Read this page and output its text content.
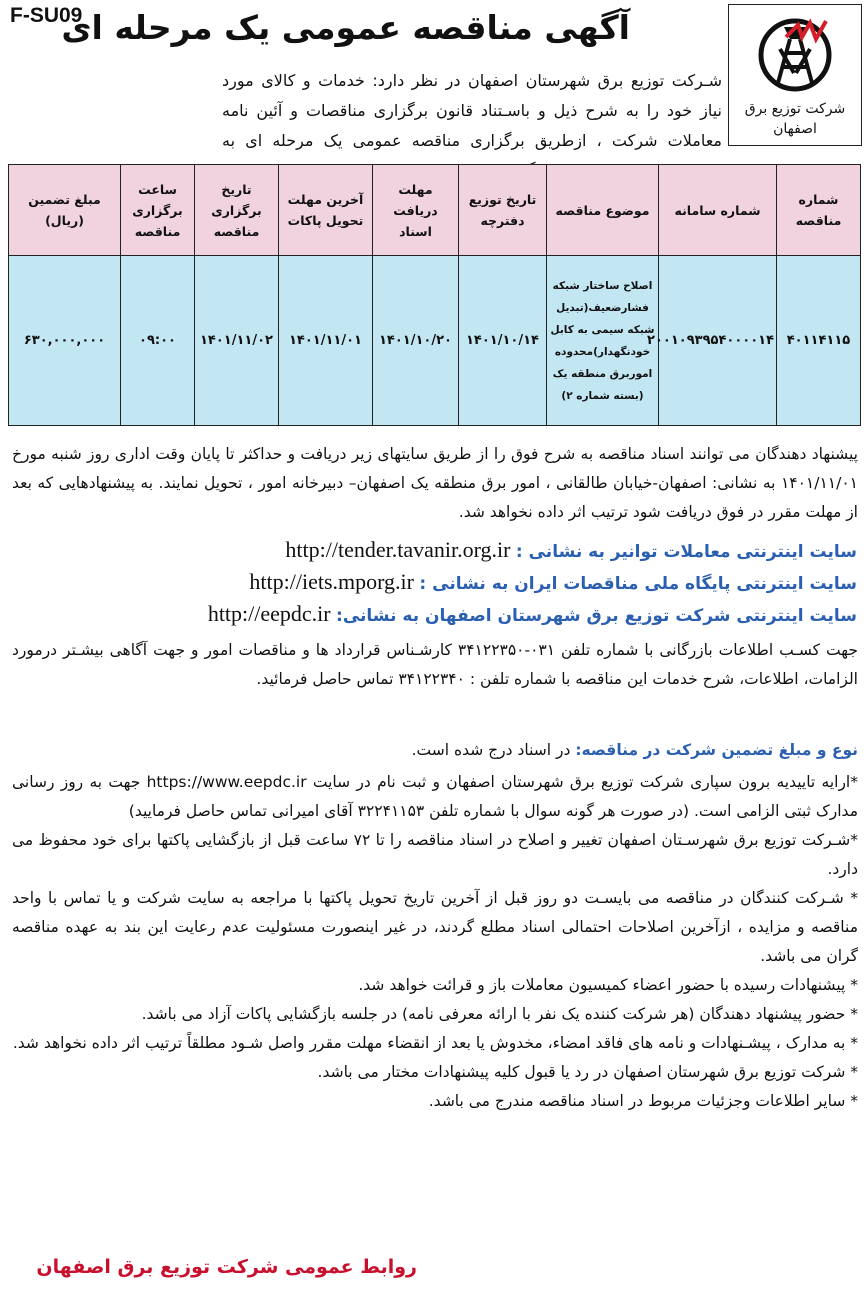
F-SU09
آگهی مناقصه عمومی یک مرحله ای
شرکت توزیع برق
اصفهان
شـرکت توزیع برق شهرستان اصفهان در نظر دارد: خدمات و کالای مورد نیاز خود را به شرح ذیل و باسـتناد قانون برگزاری مناقصات و آئین نامه معاملات شرکت ، ازطریق برگزاری مناقصه عمومی یک مرحله ای به
شماره مناقصه	شماره سامانه	موضوع مناقصه	تاریخ توزیع دفترچه	مهلت دریافت اسناد	آخرین مهلت تحویل پاکات	تاریخ برگزاری مناقصه	ساعت برگزاری مناقصه	مبلغ تضمین (ریال)
۴۰۱۱۴۱۱۵	۲۰۰۱۰۹۳۹۵۴۰۰۰۰۱۴	اصلاح ساختار شبکه فشارضعیف(تبدیل شبکه سیمی به کابل خودنگهدار)محدوده اموربرق منطقه یک (بسته شماره ۲)	۱۴۰۱/۱۰/۱۴	۱۴۰۱/۱۰/۲۰	۱۴۰۱/۱۱/۰۱	۱۴۰۱/۱۱/۰۲	۰۹:۰۰	۶۳۰,۰۰۰,۰۰۰
پیشنهاد دهندگان می توانند اسناد مناقصه به شرح فوق را از طریق سایتهای زیر دریافت و حداکثر تا پایان وقت اداری روز شنبه مورخ ۱۴۰۱/۱۱/۰۱ به نشانی: اصفهان-خیابان طالقانی ، امور برق منطقه یک اصفهان– دبیرخانه امور ، تحویل نمایند. به پیشنهادهایی که بعد از مهلت مقرر در فوق دریافت شود ترتیب اثر داده نخواهد شد.
سایت اینترنتی معاملات توانیر به نشانی : http://tender.tavanir.org.ir
سایت اینترنتی پایگاه ملی مناقصات ایران به نشانی : http://iets.mporg.ir
سایت اینترنتی شرکت توزیع برق شهرستان اصفهان به نشانی: http://eepdc.ir
جهت کسـب اطلاعات بازرگانی با شماره تلفن ۰۳۱-۳۴۱۲۲۳۵۰ کارشـناس قرارداد ها و مناقصات امور و جهت آگاهی بیشـتر درمورد الزامات، اطلاعات، شرح خدمات این مناقصه با شماره تلفن : ۳۴۱۲۲۳۴۰ تماس حاصل فرمائید.
نوع و مبلغ تضمین شرکت در مناقصه: در اسناد درج شده است.
*ارایه تاییدیه برون سپاری شرکت توزیع برق شهرستان اصفهان و ثبت نام در سایت https://www.eepdc.ir جهت به روز رسانی مدارک ثبتی الزامی است. (در صورت هر گونه سوال با شماره تلفن ۳۲۲۴۱۱۵۳ آقای امیرانی تماس حاصل فرمایید)
*شـرکت توزیع برق شهرسـتان اصفهان تغییر و اصلاح در اسناد مناقصه را تا ۷۲ ساعت قبل از بازگشایی پاکتها برای خود محفوظ می دارد.
* شـرکت کنندگان در مناقصه می بایسـت دو روز قبل از آخرین تاریخ تحویل پاکتها با مراجعه به سایت شرکت و یا تماس با واحد مناقصه و مزایده ، ازآخرین اصلاحات احتمالی اسناد مطلع گردند، در غیر اینصورت مسئولیت عدم رعایت این بند به عهده مناقصه گران می باشد.
* پیشنهادات رسیده با حضور اعضاء کمیسیون معاملات باز و قرائت خواهد شد.
* حضور پیشنهاد دهندگان (هر شرکت کننده یک نفر با ارائه معرفی نامه) در جلسه بازگشایی پاکات آزاد می باشد.
* به مدارک ، پیشـنهادات و نامه های فاقد امضاء، مخدوش یا بعد از انقضاء مهلت مقرر واصل شـود مطلقاً ترتیب اثر داده نخواهد شد.
* شرکت توزیع برق شهرستان اصفهان در رد یا قبول کلیه پیشنهادات مختار می باشد.
* سایر اطلاعات وجزئیات مربوط در اسناد مناقصه مندرج می باشد.
روابط عمومی شرکت توزیع برق اصفهان
